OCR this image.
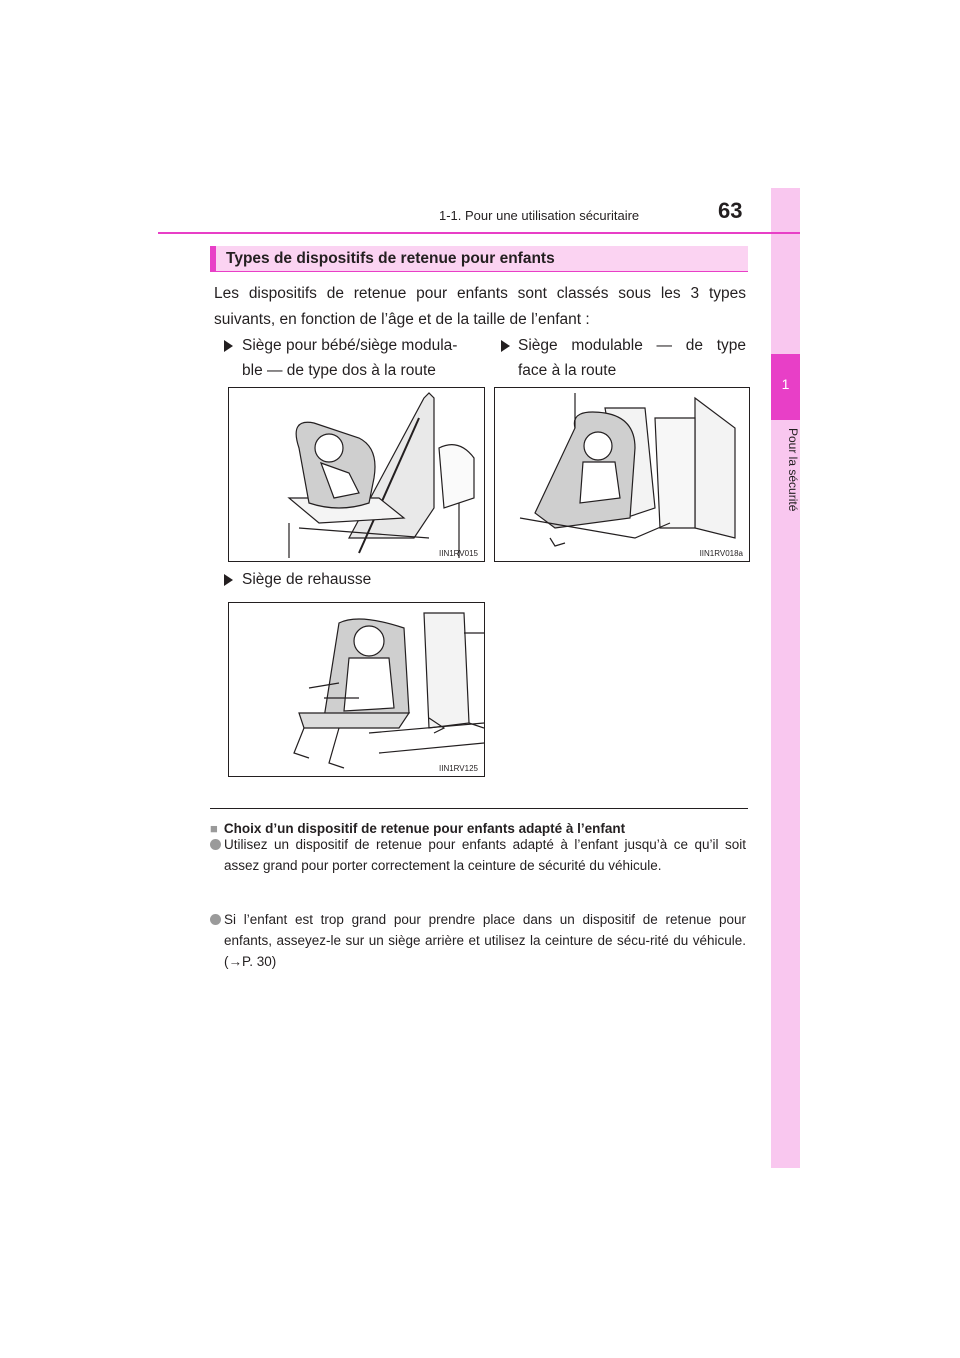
1
Pour la sécurité
1-1. Pour une utilisation sécuritaire	63
Types de dispositifs de retenue pour enfants

Les dispositifs de retenue pour enfants sont classés sous les 3 types suivants, en fonction de l’âge et de la taille de l’enfant :

Siège pour bébé/siège modula-
ble — de type dos à la route
Siège modulable — de type
face à la route
IIN1RV015	IIN1RV018a
Siège de rehausse
IIN1RV125
■ Choix d’un dispositif de retenue pour enfants adapté à l’enfant

Utilisez un dispositif de retenue pour enfants adapté à l’enfant jusqu’à ce qu’il soit assez grand pour porter correctement la ceinture de sécurité du véhicule.

Si l’enfant est trop grand pour prendre place dans un dispositif de retenue pour enfants, asseyez-le sur un siège arrière et utilisez la ceinture de sécu-rité du véhicule. (→P. 30)
